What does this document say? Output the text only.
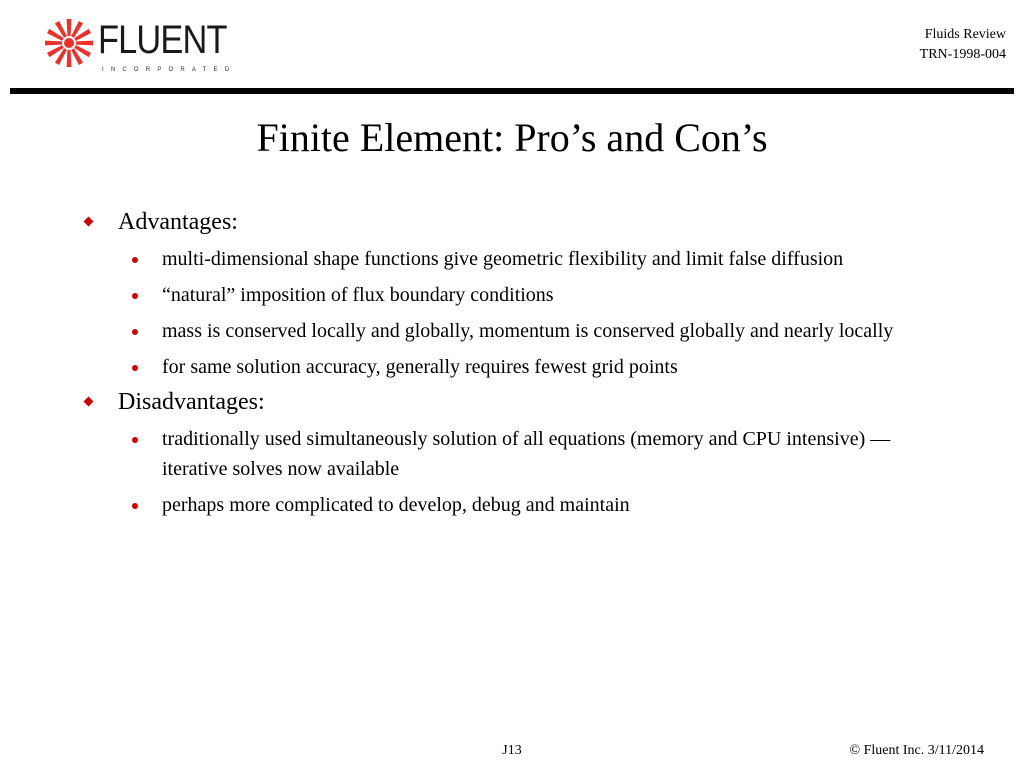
FLUENT
INCORPORATED
Fluids Review
TRN-1998-004
Finite Element: Pro’s and Con’s
Advantages:
multi-dimensional shape functions give geometric flexibility and limit false diffusion
“natural” imposition of flux boundary conditions
mass is conserved locally and globally, momentum is conserved globally and nearly locally
for same solution accuracy, generally requires fewest grid points
Disadvantages:
traditionally used simultaneously solution of all equations (memory and CPU intensive) — iterative solves now available
perhaps more complicated to develop, debug and maintain
J13	© Fluent Inc. 3/11/2014
